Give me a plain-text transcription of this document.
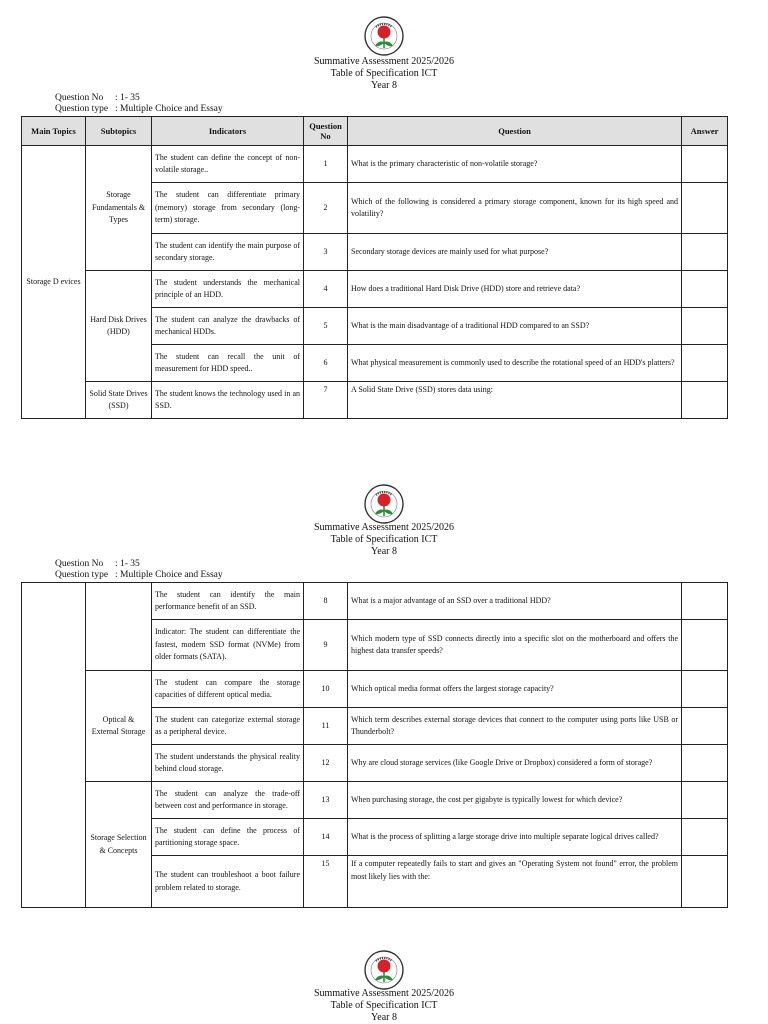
Summative Assessment 2025/2026
Table of Specification ICT
Year 8
Question No : 1- 35
Question type : Multiple Choice and Essay
Main Topics	Subtopics	Indicators	Question No	Question	Answer
Storage D evices	Storage Fundamentals & Types	The student can define the concept of non-volatile storage..	1	What is the primary characteristic of non-volatile storage?	
		The student can differentiate primary (memory) storage from secondary (long-term) storage.	2	Which of the following is considered a primary storage component, known for its high speed and volatility?	
		The student can identify the main purpose of secondary storage.	3	Secondary storage devices are mainly used for what purpose?	
	Hard Disk Drives (HDD)	The student understands the mechanical principle of an HDD.	4	How does a traditional Hard Disk Drive (HDD) store and retrieve data?	
		The student can analyze the drawbacks of mechanical HDDs.	5	What is the main disadvantage of a traditional HDD compared to an SSD?	
		The student can recall the unit of measurement for HDD speed..	6	What physical measurement is commonly used to describe the rotational speed of an HDD's platters?	
	Solid State Drives (SSD)	The student knows the technology used in an SSD.	7	A Solid State Drive (SSD) stores data using:	
Summative Assessment 2025/2026
Table of Specification ICT
Year 8
Question No : 1- 35
Question type : Multiple Choice and Essay
		The student can identify the main performance benefit of an SSD.	8	What is a major advantage of an SSD over a traditional HDD?	
		Indicator: The student can differentiate the fastest, modern SSD format (NVMe) from older formats (SATA).	9	Which modern type of SSD connects directly into a specific slot on the motherboard and offers the highest data transfer speeds?	
	Optical & External Storage	The student can compare the storage capacities of different optical media.	10	Which optical media format offers the largest storage capacity?	
		The student can categorize external storage as a peripheral device.	11	Which term describes external storage devices that connect to the computer using ports like USB or Thunderbolt?	
		The student understands the physical reality behind cloud storage.	12	Why are cloud storage services (like Google Drive or Dropbox) considered a form of storage?	
	Storage Selection & Concepts	The student can analyze the trade-off between cost and performance in storage.	13	When purchasing storage, the cost per gigabyte is typically lowest for which device?	
		The student can define the process of partitioning storage space.	14	What is the process of splitting a large storage drive into multiple separate logical drives called?	
		The student can troubleshoot a boot failure problem related to storage.	15	If a computer repeatedly fails to start and gives an "Operating System not found" error, the problem most likely lies with the:	
Summative Assessment 2025/2026
Table of Specification ICT
Year 8
